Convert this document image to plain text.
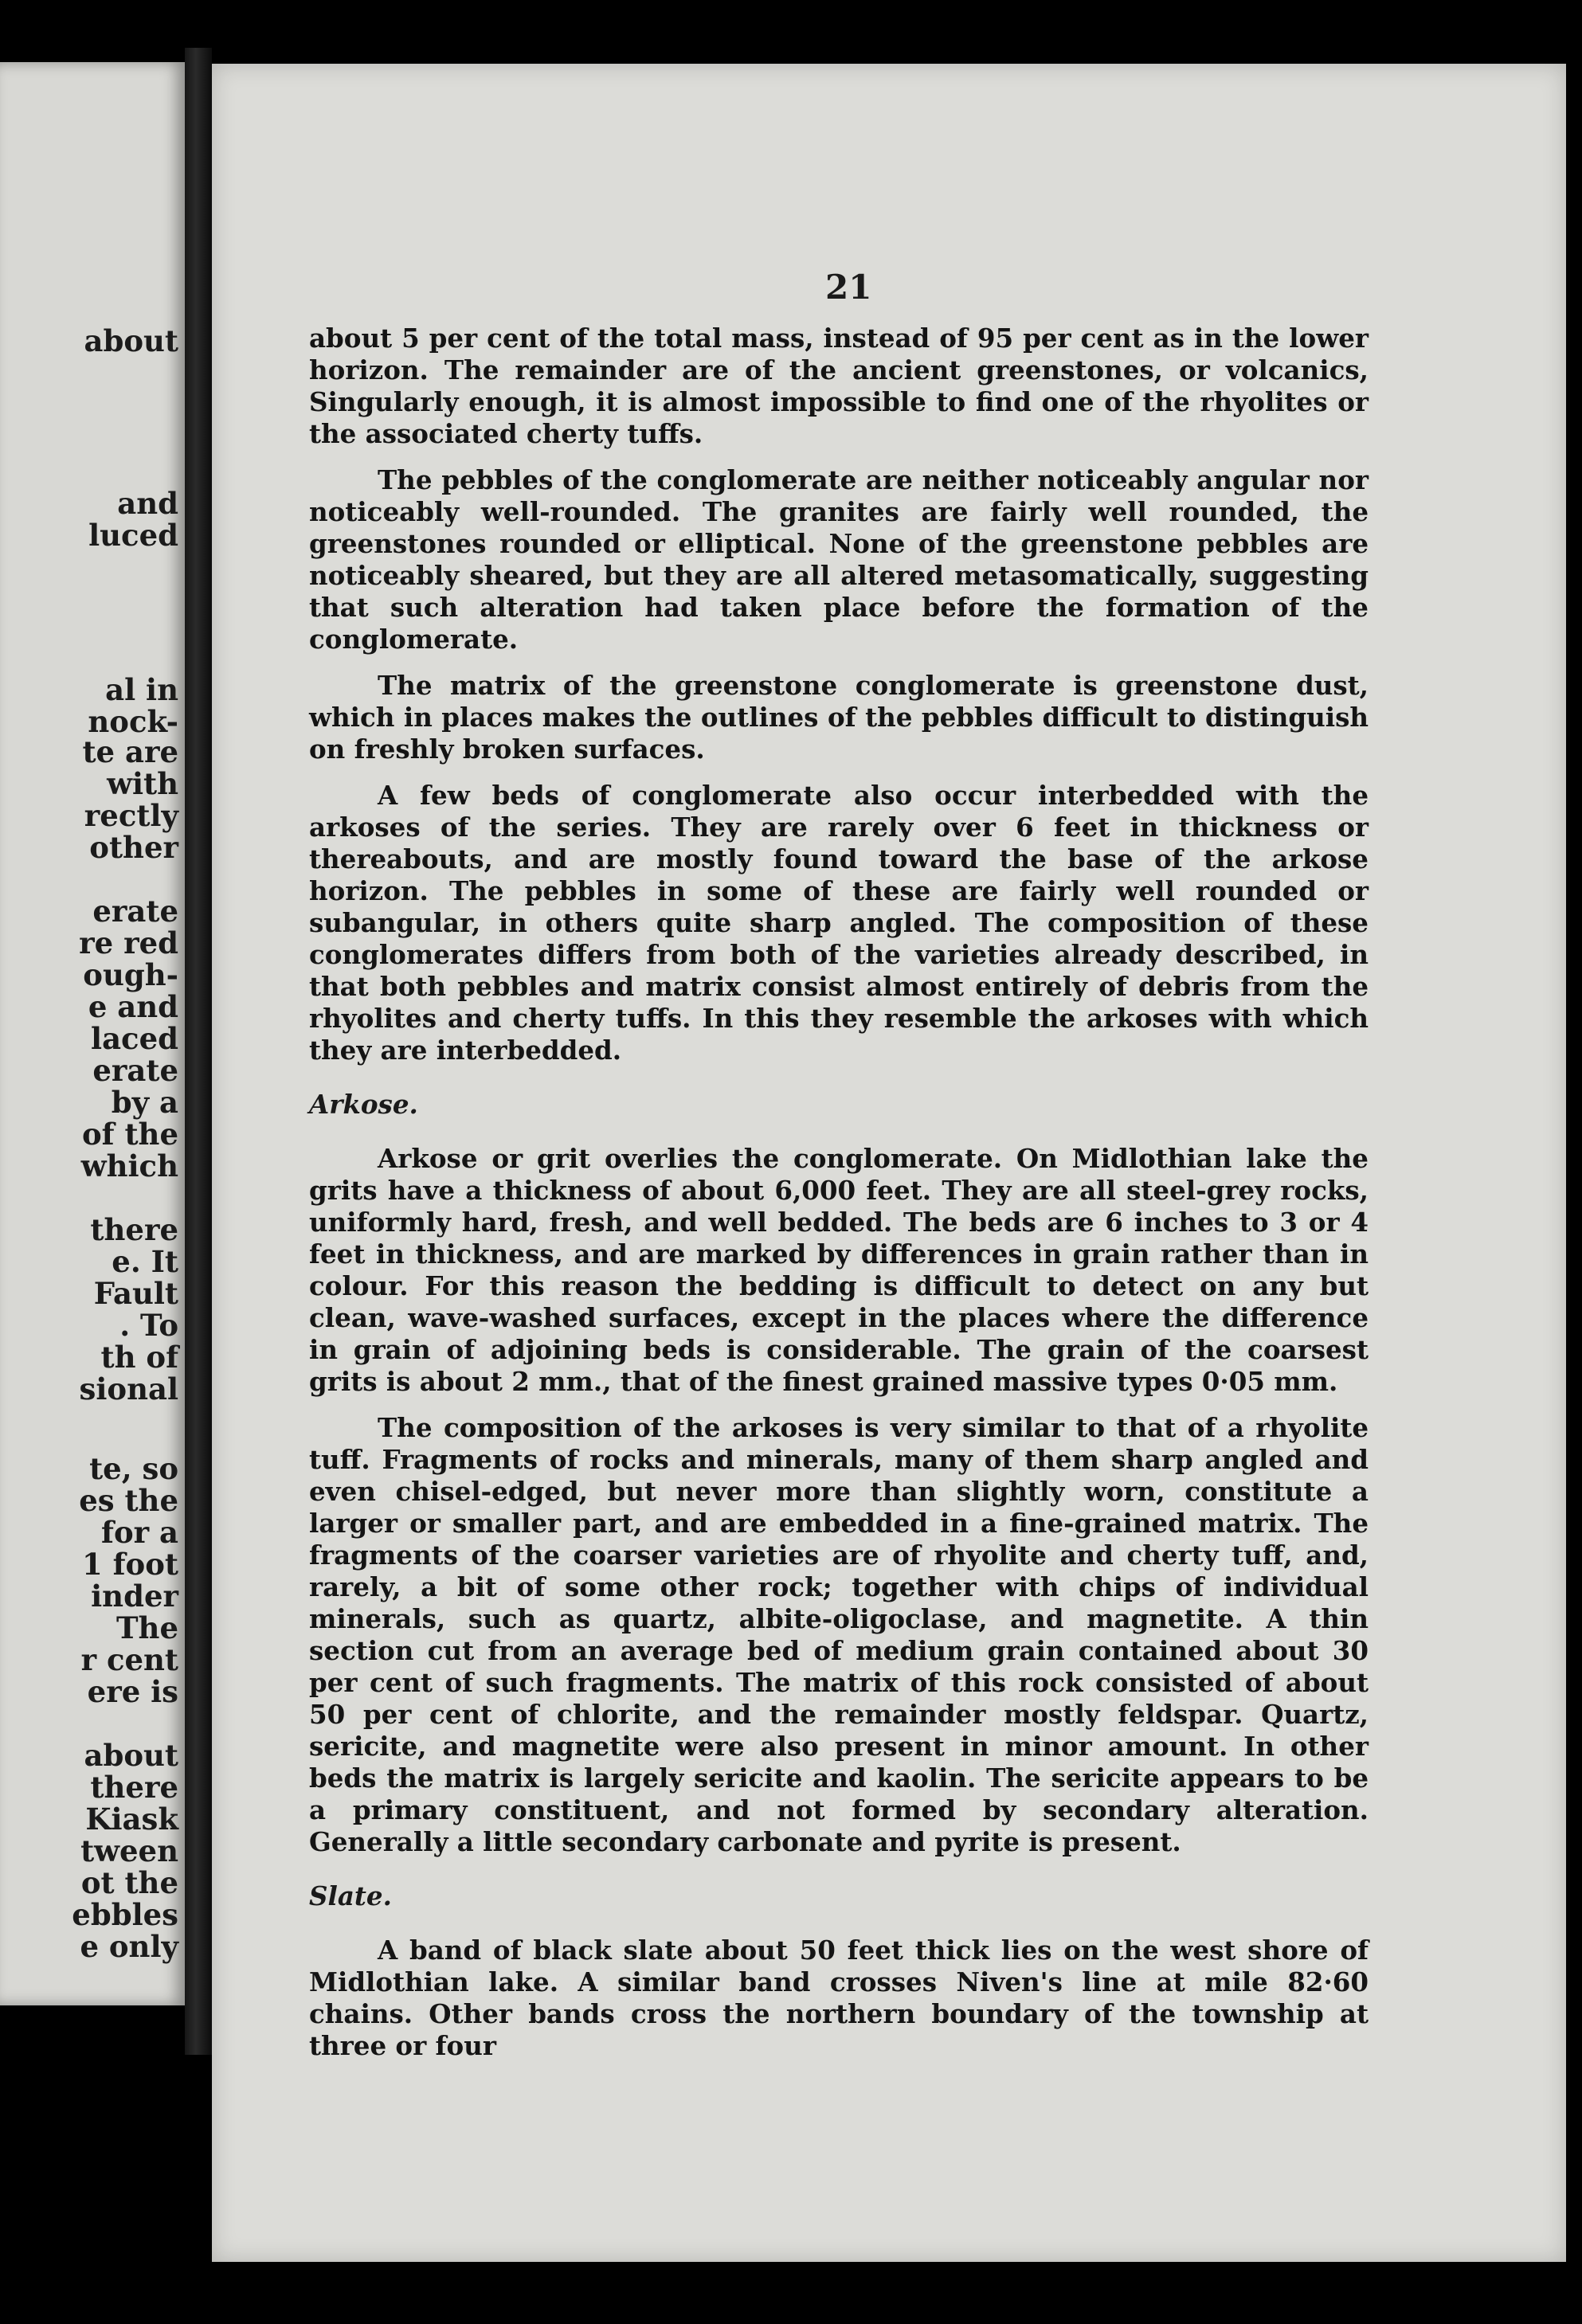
about
and
luced
al in
nock-
te are
with
rectly
other
erate
re red
ough-
e and
laced
erate
by a
of the
which
there
e. It
Fault
. To
th of
sional
te, so
es the
for a
1 foot
inder
The
r cent
ere is
about
there
Kiask
tween
ot the
ebbles
e only
21

about 5 per cent of the total mass, instead of 95 per cent as in the lower horizon. The remainder are of the ancient greenstones, or volcanics, Singularly enough, it is almost impossible to find one of the rhyolites or the associated cherty tuffs.

The pebbles of the conglomerate are neither noticeably angular nor noticeably well-rounded. The granites are fairly well rounded, the greenstones rounded or elliptical. None of the greenstone pebbles are noticeably sheared, but they are all altered metasomatically, suggesting that such alteration had taken place before the formation of the conglomerate.

The matrix of the greenstone conglomerate is greenstone dust, which in places makes the outlines of the pebbles difficult to distinguish on freshly broken surfaces.

A few beds of conglomerate also occur interbedded with the arkoses of the series. They are rarely over 6 feet in thickness or thereabouts, and are mostly found toward the base of the arkose horizon. The pebbles in some of these are fairly well rounded or subangular, in others quite sharp angled. The composition of these conglomerates differs from both of the varieties already described, in that both pebbles and matrix consist almost entirely of debris from the rhyolites and cherty tuffs. In this they resemble the arkoses with which they are interbedded.

Arkose.

Arkose or grit overlies the conglomerate. On Midlothian lake the grits have a thickness of about 6,000 feet. They are all steel-grey rocks, uniformly hard, fresh, and well bedded. The beds are 6 inches to 3 or 4 feet in thickness, and are marked by differences in grain rather than in colour. For this reason the bedding is difficult to detect on any but clean, wave-washed surfaces, except in the places where the difference in grain of adjoining beds is considerable. The grain of the coarsest grits is about 2 mm., that of the finest grained massive types 0·05 mm.

The composition of the arkoses is very similar to that of a rhyolite tuff. Fragments of rocks and minerals, many of them sharp angled and even chisel-edged, but never more than slightly worn, constitute a larger or smaller part, and are embedded in a fine-grained matrix. The fragments of the coarser varieties are of rhyolite and cherty tuff, and, rarely, a bit of some other rock; together with chips of individual minerals, such as quartz, albite-oligoclase, and magnetite. A thin section cut from an average bed of medium grain contained about 30 per cent of such fragments. The matrix of this rock consisted of about 50 per cent of chlorite, and the remainder mostly feldspar. Quartz, sericite, and magnetite were also present in minor amount. In other beds the matrix is largely sericite and kaolin. The sericite appears to be a primary constituent, and not formed by secondary alteration. Generally a little secondary carbonate and pyrite is present.

Slate.

A band of black slate about 50 feet thick lies on the west shore of Midlothian lake. A similar band crosses Niven's line at mile 82·60 chains. Other bands cross the northern boundary of the township at three or four
